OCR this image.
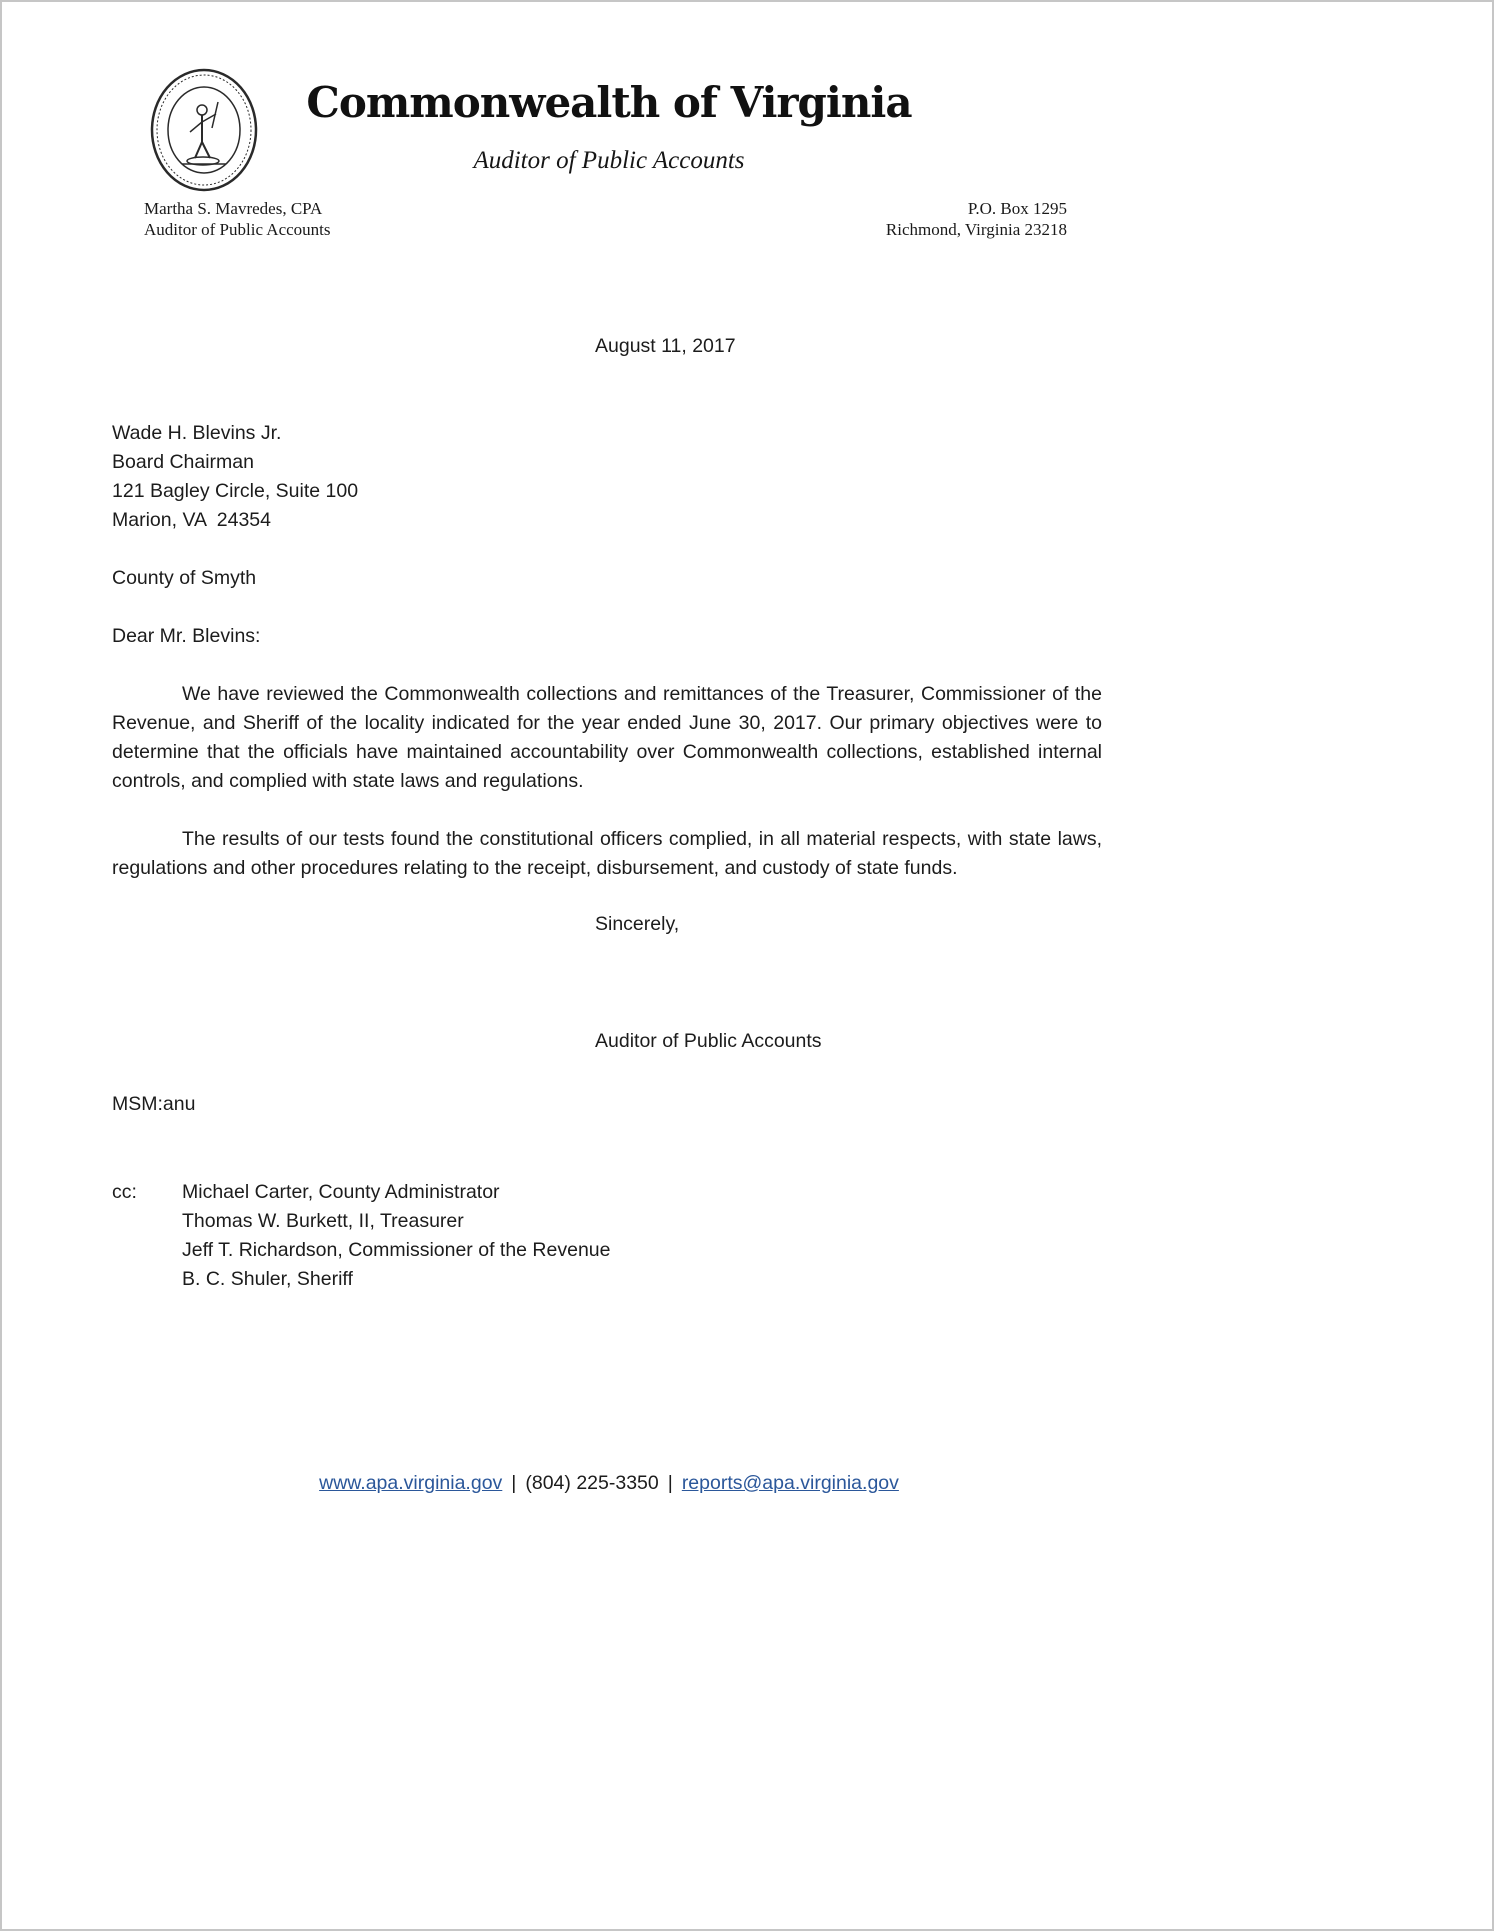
Commonwealth of Virginia
Auditor of Public Accounts
Martha S. Mavredes, CPA
Auditor of Public Accounts
P.O. Box 1295
Richmond, Virginia 23218
August 11, 2017
Wade H. Blevins Jr.
Board Chairman
121 Bagley Circle, Suite 100
Marion, VA  24354
County of Smyth
Dear Mr. Blevins:
We have reviewed the Commonwealth collections and remittances of the Treasurer, Commissioner of the Revenue, and Sheriff of the locality indicated for the year ended June 30, 2017. Our primary objectives were to determine that the officials have maintained accountability over Commonwealth collections, established internal controls, and complied with state laws and regulations.
The results of our tests found the constitutional officers complied, in all material respects, with state laws, regulations and other procedures relating to the receipt, disbursement, and custody of state funds.
Sincerely,
Auditor of Public Accounts
MSM:anu
cc:	Michael Carter, County Administrator
Thomas W. Burkett, II, Treasurer
Jeff T. Richardson, Commissioner of the Revenue
B. C. Shuler, Sheriff
www.apa.virginia.gov | (804) 225-3350 | reports@apa.virginia.gov
